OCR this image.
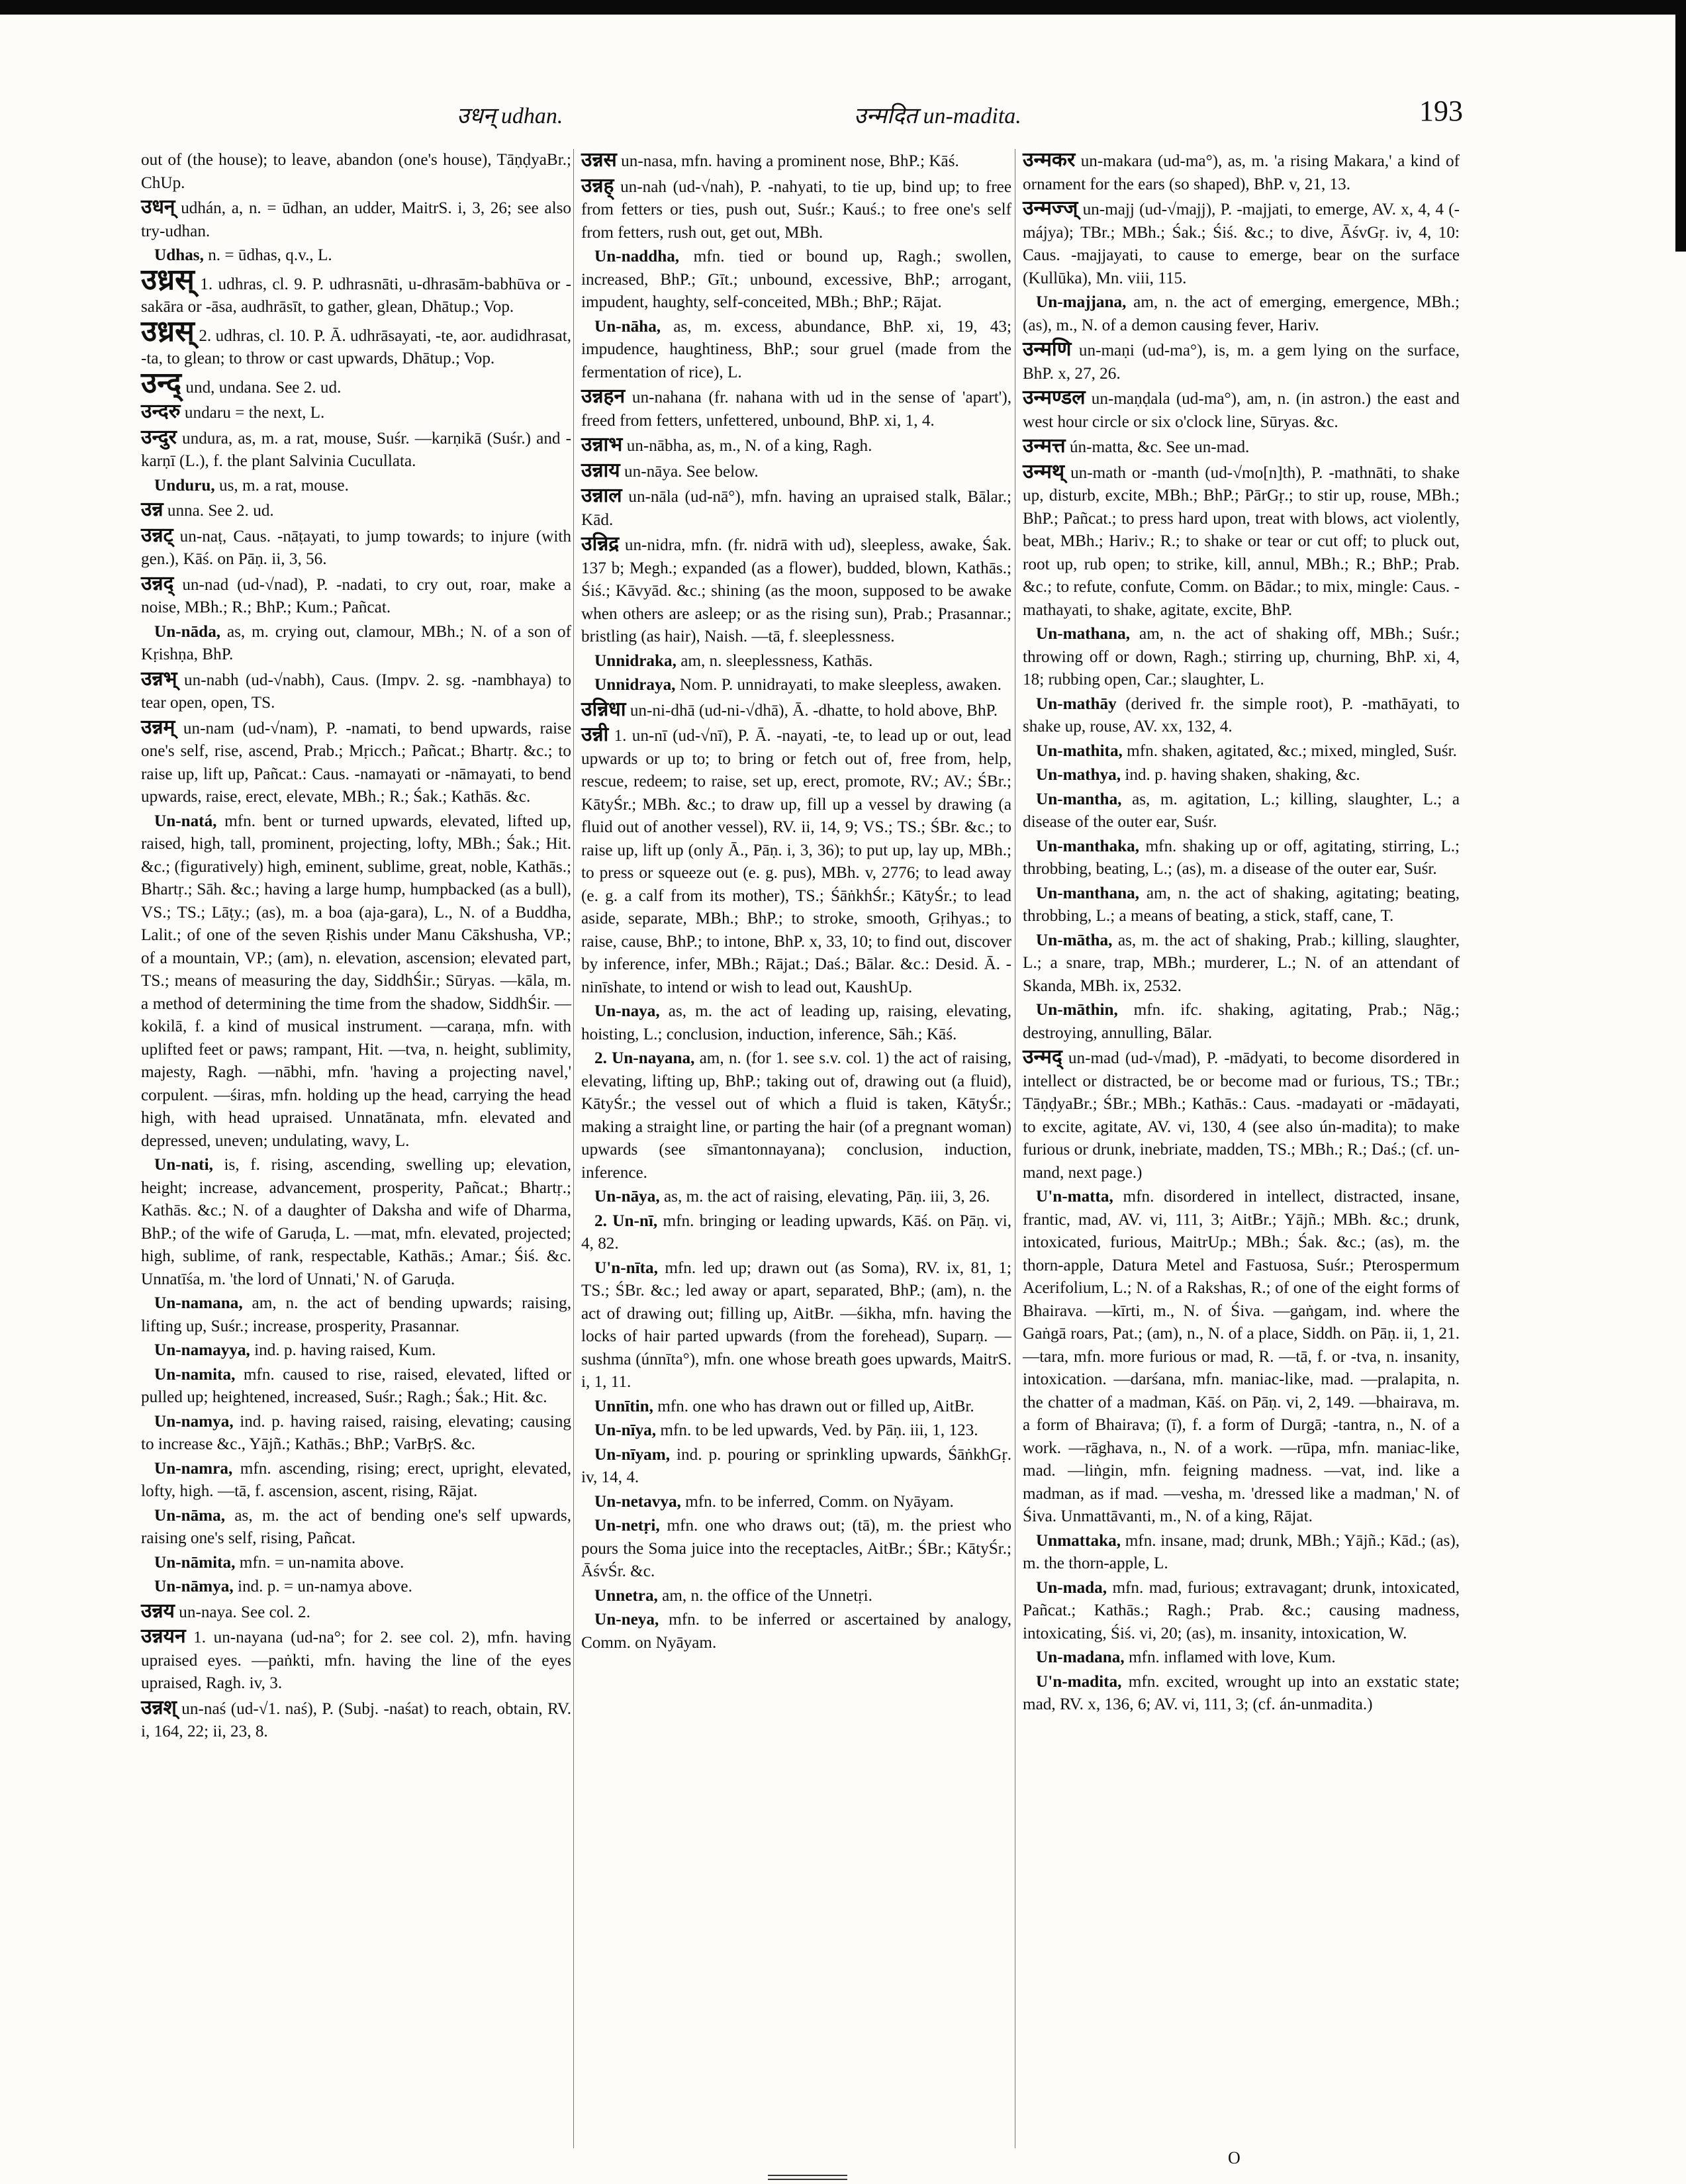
उधन् udhan.	उन्मदित un-madita.	193

out of (the house); to leave, abandon (one's house), TāṇḍyaBr.; ChUp.

उधन् udhán, a, n. = ūdhan, an udder, MaitrS. i, 3, 26; see also try-udhan.

Udhas, n. = ūdhas, q.v., L.

उध्रस् 1. udhras, cl. 9. P. udhrasnāti, u-dhrasām-babhūva or -sakāra or -āsa, audhrāsīt, to gather, glean, Dhātup.; Vop.

उध्रस् 2. udhras, cl. 10. P. Ā. udhrāsayati, -te, aor. audidhrasat, -ta, to glean; to throw or cast upwards, Dhātup.; Vop.

उन्द् und, undana. See 2. ud.

उन्दरु undaru = the next, L.

उन्दुर undura, as, m. a rat, mouse, Suśr. —karṇikā (Suśr.) and -karṇī (L.), f. the plant Salvinia Cucullata.

Unduru, us, m. a rat, mouse.

उन्न unna. See 2. ud.

उन्नट् un-naṭ, Caus. -nāṭayati, to jump towards; to injure (with gen.), Kāś. on Pāṇ. ii, 3, 56.

उन्नद् un-nad (ud-√nad), P. -nadati, to cry out, roar, make a noise, MBh.; R.; BhP.; Kum.; Pañcat.

Un-nāda, as, m. crying out, clamour, MBh.; N. of a son of Kṛishṇa, BhP.

उन्नभ् un-nabh (ud-√nabh), Caus. (Impv. 2. sg. -nambhaya) to tear open, open, TS.

उन्नम् un-nam (ud-√nam), P. -namati, to bend upwards, raise one's self, rise, ascend, Prab.; Mṛicch.; Pañcat.; Bhartṛ. &c.; to raise up, lift up, Pañcat.: Caus. -namayati or -nāmayati, to bend upwards, raise, erect, elevate, MBh.; R.; Śak.; Kathās. &c.

Un-natá, mfn. bent or turned upwards, elevated, lifted up, raised, high, tall, prominent, projecting, lofty, MBh.; Śak.; Hit. &c.; (figuratively) high, eminent, sublime, great, noble, Kathās.; Bhartṛ.; Sāh. &c.; having a large hump, humpbacked (as a bull), VS.; TS.; Lāṭy.; (as), m. a boa (aja-gara), L., N. of a Buddha, Lalit.; of one of the seven Ṛishis under Manu Cākshusha, VP.; of a mountain, VP.; (am), n. elevation, ascension; elevated part, TS.; means of measuring the day, SiddhŚir.; Sūryas. —kāla, m. a method of determining the time from the shadow, SiddhŚir. —kokilā, f. a kind of musical instrument. —caraṇa, mfn. with uplifted feet or paws; rampant, Hit. —tva, n. height, sublimity, majesty, Ragh. —nābhi, mfn. 'having a projecting navel,' corpulent. —śiras, mfn. holding up the head, carrying the head high, with head upraised. Unnatānata, mfn. elevated and depressed, uneven; undulating, wavy, L.

Un-nati, is, f. rising, ascending, swelling up; elevation, height; increase, advancement, prosperity, Pañcat.; Bhartṛ.; Kathās. &c.; N. of a daughter of Daksha and wife of Dharma, BhP.; of the wife of Garuḍa, L. —mat, mfn. elevated, projected; high, sublime, of rank, respectable, Kathās.; Amar.; Śiś. &c. Unnatīśa, m. 'the lord of Unnati,' N. of Garuḍa.

Un-namana, am, n. the act of bending upwards; raising, lifting up, Suśr.; increase, prosperity, Prasannar.

Un-namayya, ind. p. having raised, Kum.

Un-namita, mfn. caused to rise, raised, elevated, lifted or pulled up; heightened, increased, Suśr.; Ragh.; Śak.; Hit. &c.

Un-namya, ind. p. having raised, raising, elevating; causing to increase &c., Yājñ.; Kathās.; BhP.; VarBṛS. &c.

Un-namra, mfn. ascending, rising; erect, upright, elevated, lofty, high. —tā, f. ascension, ascent, rising, Rājat.

Un-nāma, as, m. the act of bending one's self upwards, raising one's self, rising, Pañcat.

Un-nāmita, mfn. = un-namita above.

Un-nāmya, ind. p. = un-namya above.

उन्नय un-naya. See col. 2.

उन्नयन 1. un-nayana (ud-na°; for 2. see col. 2), mfn. having upraised eyes. —paṅkti, mfn. having the line of the eyes upraised, Ragh. iv, 3.

उन्नश् un-naś (ud-√1. naś), P. (Subj. -naśat) to reach, obtain, RV. i, 164, 22; ii, 23, 8.

उन्नस un-nasa, mfn. having a prominent nose, BhP.; Kāś.

उन्नह् un-nah (ud-√nah), P. -nahyati, to tie up, bind up; to free from fetters or ties, push out, Suśr.; Kauś.; to free one's self from fetters, rush out, get out, MBh.

Un-naddha, mfn. tied or bound up, Ragh.; swollen, increased, BhP.; Gīt.; unbound, excessive, BhP.; arrogant, impudent, haughty, self-conceited, MBh.; BhP.; Rājat.

Un-nāha, as, m. excess, abundance, BhP. xi, 19, 43; impudence, haughtiness, BhP.; sour gruel (made from the fermentation of rice), L.

उन्नहन un-nahana (fr. nahana with ud in the sense of 'apart'), freed from fetters, unfettered, unbound, BhP. xi, 1, 4.

उन्नाभ un-nābha, as, m., N. of a king, Ragh.

उन्नाय un-nāya. See below.

उन्नाल un-nāla (ud-nā°), mfn. having an upraised stalk, Bālar.; Kād.

उन्निद्र un-nidra, mfn. (fr. nidrā with ud), sleepless, awake, Śak. 137 b; Megh.; expanded (as a flower), budded, blown, Kathās.; Śiś.; Kāvyād. &c.; shining (as the moon, supposed to be awake when others are asleep; or as the rising sun), Prab.; Prasannar.; bristling (as hair), Naish. —tā, f. sleeplessness.

Unnidraka, am, n. sleeplessness, Kathās.

Unnidraya, Nom. P. unnidrayati, to make sleepless, awaken.

उन्निधा un-ni-dhā (ud-ni-√dhā), Ā. -dhatte, to hold above, BhP.

उन्नी 1. un-nī (ud-√nī), P. Ā. -nayati, -te, to lead up or out, lead upwards or up to; to bring or fetch out of, free from, help, rescue, redeem; to raise, set up, erect, promote, RV.; AV.; ŚBr.; KātyŚr.; MBh. &c.; to draw up, fill up a vessel by drawing (a fluid out of another vessel), RV. ii, 14, 9; VS.; TS.; ŚBr. &c.; to raise up, lift up (only Ā., Pāṇ. i, 3, 36); to put up, lay up, MBh.; to press or squeeze out (e. g. pus), MBh. v, 2776; to lead away (e. g. a calf from its mother), TS.; ŚāṅkhŚr.; KātyŚr.; to lead aside, separate, MBh.; BhP.; to stroke, smooth, Gṛihyas.; to raise, cause, BhP.; to intone, BhP. x, 33, 10; to find out, discover by inference, infer, MBh.; Rājat.; Daś.; Bālar. &c.: Desid. Ā. -ninīshate, to intend or wish to lead out, KaushUp.

Un-naya, as, m. the act of leading up, raising, elevating, hoisting, L.; conclusion, induction, inference, Sāh.; Kāś.

2. Un-nayana, am, n. (for 1. see s.v. col. 1) the act of raising, elevating, lifting up, BhP.; taking out of, drawing out (a fluid), KātyŚr.; the vessel out of which a fluid is taken, KātyŚr.; making a straight line, or parting the hair (of a pregnant woman) upwards (see sīmantonnayana); conclusion, induction, inference.

Un-nāya, as, m. the act of raising, elevating, Pāṇ. iii, 3, 26.

2. Un-nī, mfn. bringing or leading upwards, Kāś. on Pāṇ. vi, 4, 82.

U'n-nīta, mfn. led up; drawn out (as Soma), RV. ix, 81, 1; TS.; ŚBr. &c.; led away or apart, separated, BhP.; (am), n. the act of drawing out; filling up, AitBr. —śikha, mfn. having the locks of hair parted upwards (from the forehead), Suparṇ. —sushma (únnīta°), mfn. one whose breath goes upwards, MaitrS. i, 1, 11.

Unnītin, mfn. one who has drawn out or filled up, AitBr.

Un-nīya, mfn. to be led upwards, Ved. by Pāṇ. iii, 1, 123.

Un-nīyam, ind. p. pouring or sprinkling upwards, ŚāṅkhGṛ. iv, 14, 4.

Un-netavya, mfn. to be inferred, Comm. on Nyāyam.

Un-netṛi, mfn. one who draws out; (tā), m. the priest who pours the Soma juice into the receptacles, AitBr.; ŚBr.; KātyŚr.; ĀśvŚr. &c.

Unnetra, am, n. the office of the Unnetṛi.

Un-neya, mfn. to be inferred or ascertained by analogy, Comm. on Nyāyam.

उन्मकर un-makara (ud-ma°), as, m. 'a rising Makara,' a kind of ornament for the ears (so shaped), BhP. v, 21, 13.

उन्मज्ज् un-majj (ud-√majj), P. -majjati, to emerge, AV. x, 4, 4 (-májya); TBr.; MBh.; Śak.; Śiś. &c.; to dive, ĀśvGṛ. iv, 4, 10: Caus. -majjayati, to cause to emerge, bear on the surface (Kullūka), Mn. viii, 115.

Un-majjana, am, n. the act of emerging, emergence, MBh.; (as), m., N. of a demon causing fever, Hariv.

उन्मणि un-maṇi (ud-ma°), is, m. a gem lying on the surface, BhP. x, 27, 26.

उन्मण्डल un-maṇḍala (ud-ma°), am, n. (in astron.) the east and west hour circle or six o'clock line, Sūryas. &c.

उन्मत्त ún-matta, &c. See un-mad.

उन्मथ् un-math or -manth (ud-√mo[n]th), P. -mathnāti, to shake up, disturb, excite, MBh.; BhP.; PārGṛ.; to stir up, rouse, MBh.; BhP.; Pañcat.; to press hard upon, treat with blows, act violently, beat, MBh.; Hariv.; R.; to shake or tear or cut off; to pluck out, root up, rub open; to strike, kill, annul, MBh.; R.; BhP.; Prab. &c.; to refute, confute, Comm. on Bādar.; to mix, mingle: Caus. -mathayati, to shake, agitate, excite, BhP.

Un-mathana, am, n. the act of shaking off, MBh.; Suśr.; throwing off or down, Ragh.; stirring up, churning, BhP. xi, 4, 18; rubbing open, Car.; slaughter, L.

Un-mathāy (derived fr. the simple root), P. -mathāyati, to shake up, rouse, AV. xx, 132, 4.

Un-mathita, mfn. shaken, agitated, &c.; mixed, mingled, Suśr.

Un-mathya, ind. p. having shaken, shaking, &c.

Un-mantha, as, m. agitation, L.; killing, slaughter, L.; a disease of the outer ear, Suśr.

Un-manthaka, mfn. shaking up or off, agitating, stirring, L.; throbbing, beating, L.; (as), m. a disease of the outer ear, Suśr.

Un-manthana, am, n. the act of shaking, agitating; beating, throbbing, L.; a means of beating, a stick, staff, cane, T.

Un-mātha, as, m. the act of shaking, Prab.; killing, slaughter, L.; a snare, trap, MBh.; murderer, L.; N. of an attendant of Skanda, MBh. ix, 2532.

Un-māthin, mfn. ifc. shaking, agitating, Prab.; Nāg.; destroying, annulling, Bālar.

उन्मद् un-mad (ud-√mad), P. -mādyati, to become disordered in intellect or distracted, be or become mad or furious, TS.; TBr.; TāṇḍyaBr.; ŚBr.; MBh.; Kathās.: Caus. -madayati or -mādayati, to excite, agitate, AV. vi, 130, 4 (see also ún-madita); to make furious or drunk, inebriate, madden, TS.; MBh.; R.; Daś.; (cf. un-mand, next page.)

U'n-matta, mfn. disordered in intellect, distracted, insane, frantic, mad, AV. vi, 111, 3; AitBr.; Yājñ.; MBh. &c.; drunk, intoxicated, furious, MaitrUp.; MBh.; Śak. &c.; (as), m. the thorn-apple, Datura Metel and Fastuosa, Suśr.; Pterospermum Acerifolium, L.; N. of a Rakshas, R.; of one of the eight forms of Bhairava. —kīrti, m., N. of Śiva. —gaṅgam, ind. where the Gaṅgā roars, Pat.; (am), n., N. of a place, Siddh. on Pāṇ. ii, 1, 21. —tara, mfn. more furious or mad, R. —tā, f. or -tva, n. insanity, intoxication. —darśana, mfn. maniac-like, mad. —pralapita, n. the chatter of a madman, Kāś. on Pāṇ. vi, 2, 149. —bhairava, m. a form of Bhairava; (ī), f. a form of Durgā; -tantra, n., N. of a work. —rāghava, n., N. of a work. —rūpa, mfn. maniac-like, mad. —liṅgin, mfn. feigning madness. —vat, ind. like a madman, as if mad. —vesha, m. 'dressed like a madman,' N. of Śiva. Unmattāvanti, m., N. of a king, Rājat.

Unmattaka, mfn. insane, mad; drunk, MBh.; Yājñ.; Kād.; (as), m. the thorn-apple, L.

Un-mada, mfn. mad, furious; extravagant; drunk, intoxicated, Pañcat.; Kathās.; Ragh.; Prab. &c.; causing madness, intoxicating, Śiś. vi, 20; (as), m. insanity, intoxication, W.

Un-madana, mfn. inflamed with love, Kum.

U'n-madita, mfn. excited, wrought up into an exstatic state; mad, RV. x, 136, 6; AV. vi, 111, 3; (cf. án-unmadita.)

O
